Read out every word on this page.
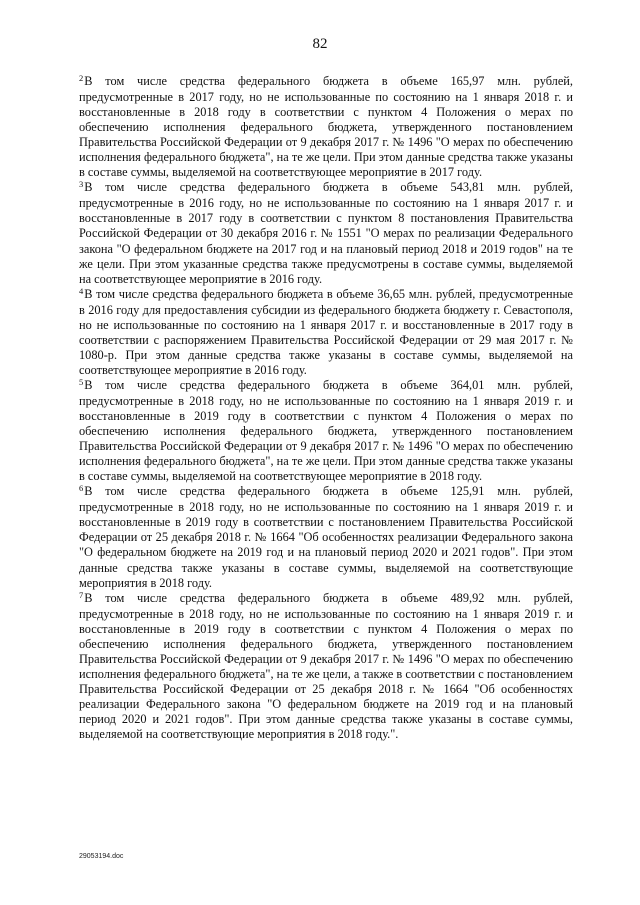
82

$^2$В том числе средства федерального бюджета в объеме 165,97 млн. рублей, предусмотренные в 2017 году, но не использованные по состоянию на 1 января 2018 г. и восстановленные в 2018 году в соответствии с пунктом 4 Положения о мерах по обеспечению исполнения федерального бюджета, утвержденного постановлением Правительства Российской Федерации от 9 декабря 2017 г. № 1496 "О мерах по обеспечению исполнения федерального бюджета", на те же цели. При этом данные средства также указаны в составе суммы, выделяемой на соответствующее мероприятие в 2017 году.

$^3$В том числе средства федерального бюджета в объеме 543,81 млн. рублей, предусмотренные в 2016 году, но не использованные по состоянию на 1 января 2017 г. и восстановленные в 2017 году в соответствии с пунктом 8 постановления Правительства Российской Федерации от 30 декабря 2016 г. № 1551 "О мерах по реализации Федерального закона "О федеральном бюджете на 2017 год и на плановый период 2018 и 2019 годов" на те же цели. При этом указанные средства также предусмотрены в составе суммы, выделяемой на соответствующее мероприятие в 2016 году.

$^4$В том числе средства федерального бюджета в объеме 36,65 млн. рублей, предусмотренные в 2016 году для предоставления субсидии из федерального бюджета бюджету г. Севастополя, но не использованные по состоянию на 1 января 2017 г. и восстановленные в 2017 году в соответствии с распоряжением Правительства Российской Федерации от 29 мая 2017 г. № 1080-р. При этом данные средства также указаны в составе суммы, выделяемой на соответствующее мероприятие в 2016 году.

$^5$В том числе средства федерального бюджета в объеме 364,01 млн. рублей, предусмотренные в 2018 году, но не использованные по состоянию на 1 января 2019 г. и восстановленные в 2019 году в соответствии с пунктом 4 Положения о мерах по обеспечению исполнения федерального бюджета, утвержденного постановлением Правительства Российской Федерации от 9 декабря 2017 г. № 1496 "О мерах по обеспечению исполнения федерального бюджета", на те же цели. При этом данные средства также указаны в составе суммы, выделяемой на соответствующее мероприятие в 2018 году.

$^6$В том числе средства федерального бюджета в объеме 125,91 млн. рублей, предусмотренные в 2018 году, но не использованные по состоянию на 1 января 2019 г. и восстановленные в 2019 году в соответствии с постановлением Правительства Российской Федерации от 25 декабря 2018 г. № 1664 "Об особенностях реализации Федерального закона "О федеральном бюджете на 2019 год и на плановый период 2020 и 2021 годов". При этом данные средства также указаны в составе суммы, выделяемой на соответствующие мероприятия в 2018 году.

$^7$В том числе средства федерального бюджета в объеме 489,92 млн. рублей, предусмотренные в 2018 году, но не использованные по состоянию на 1 января 2019 г. и восстановленные в 2019 году в соответствии с пунктом 4 Положения о мерах по обеспечению исполнения федерального бюджета, утвержденного постановлением Правительства Российской Федерации от 9 декабря 2017 г. № 1496 "О мерах по обеспечению исполнения федерального бюджета", на те же цели, а также в соответствии с постановлением Правительства Российской Федерации от 25 декабря 2018 г. № 1664 "Об особенностях реализации Федерального закона "О федеральном бюджете на 2019 год и на плановый период 2020 и 2021 годов". При этом данные средства также указаны в составе суммы, выделяемой на соответствующие мероприятия в 2018 году.".

29053194.doc
